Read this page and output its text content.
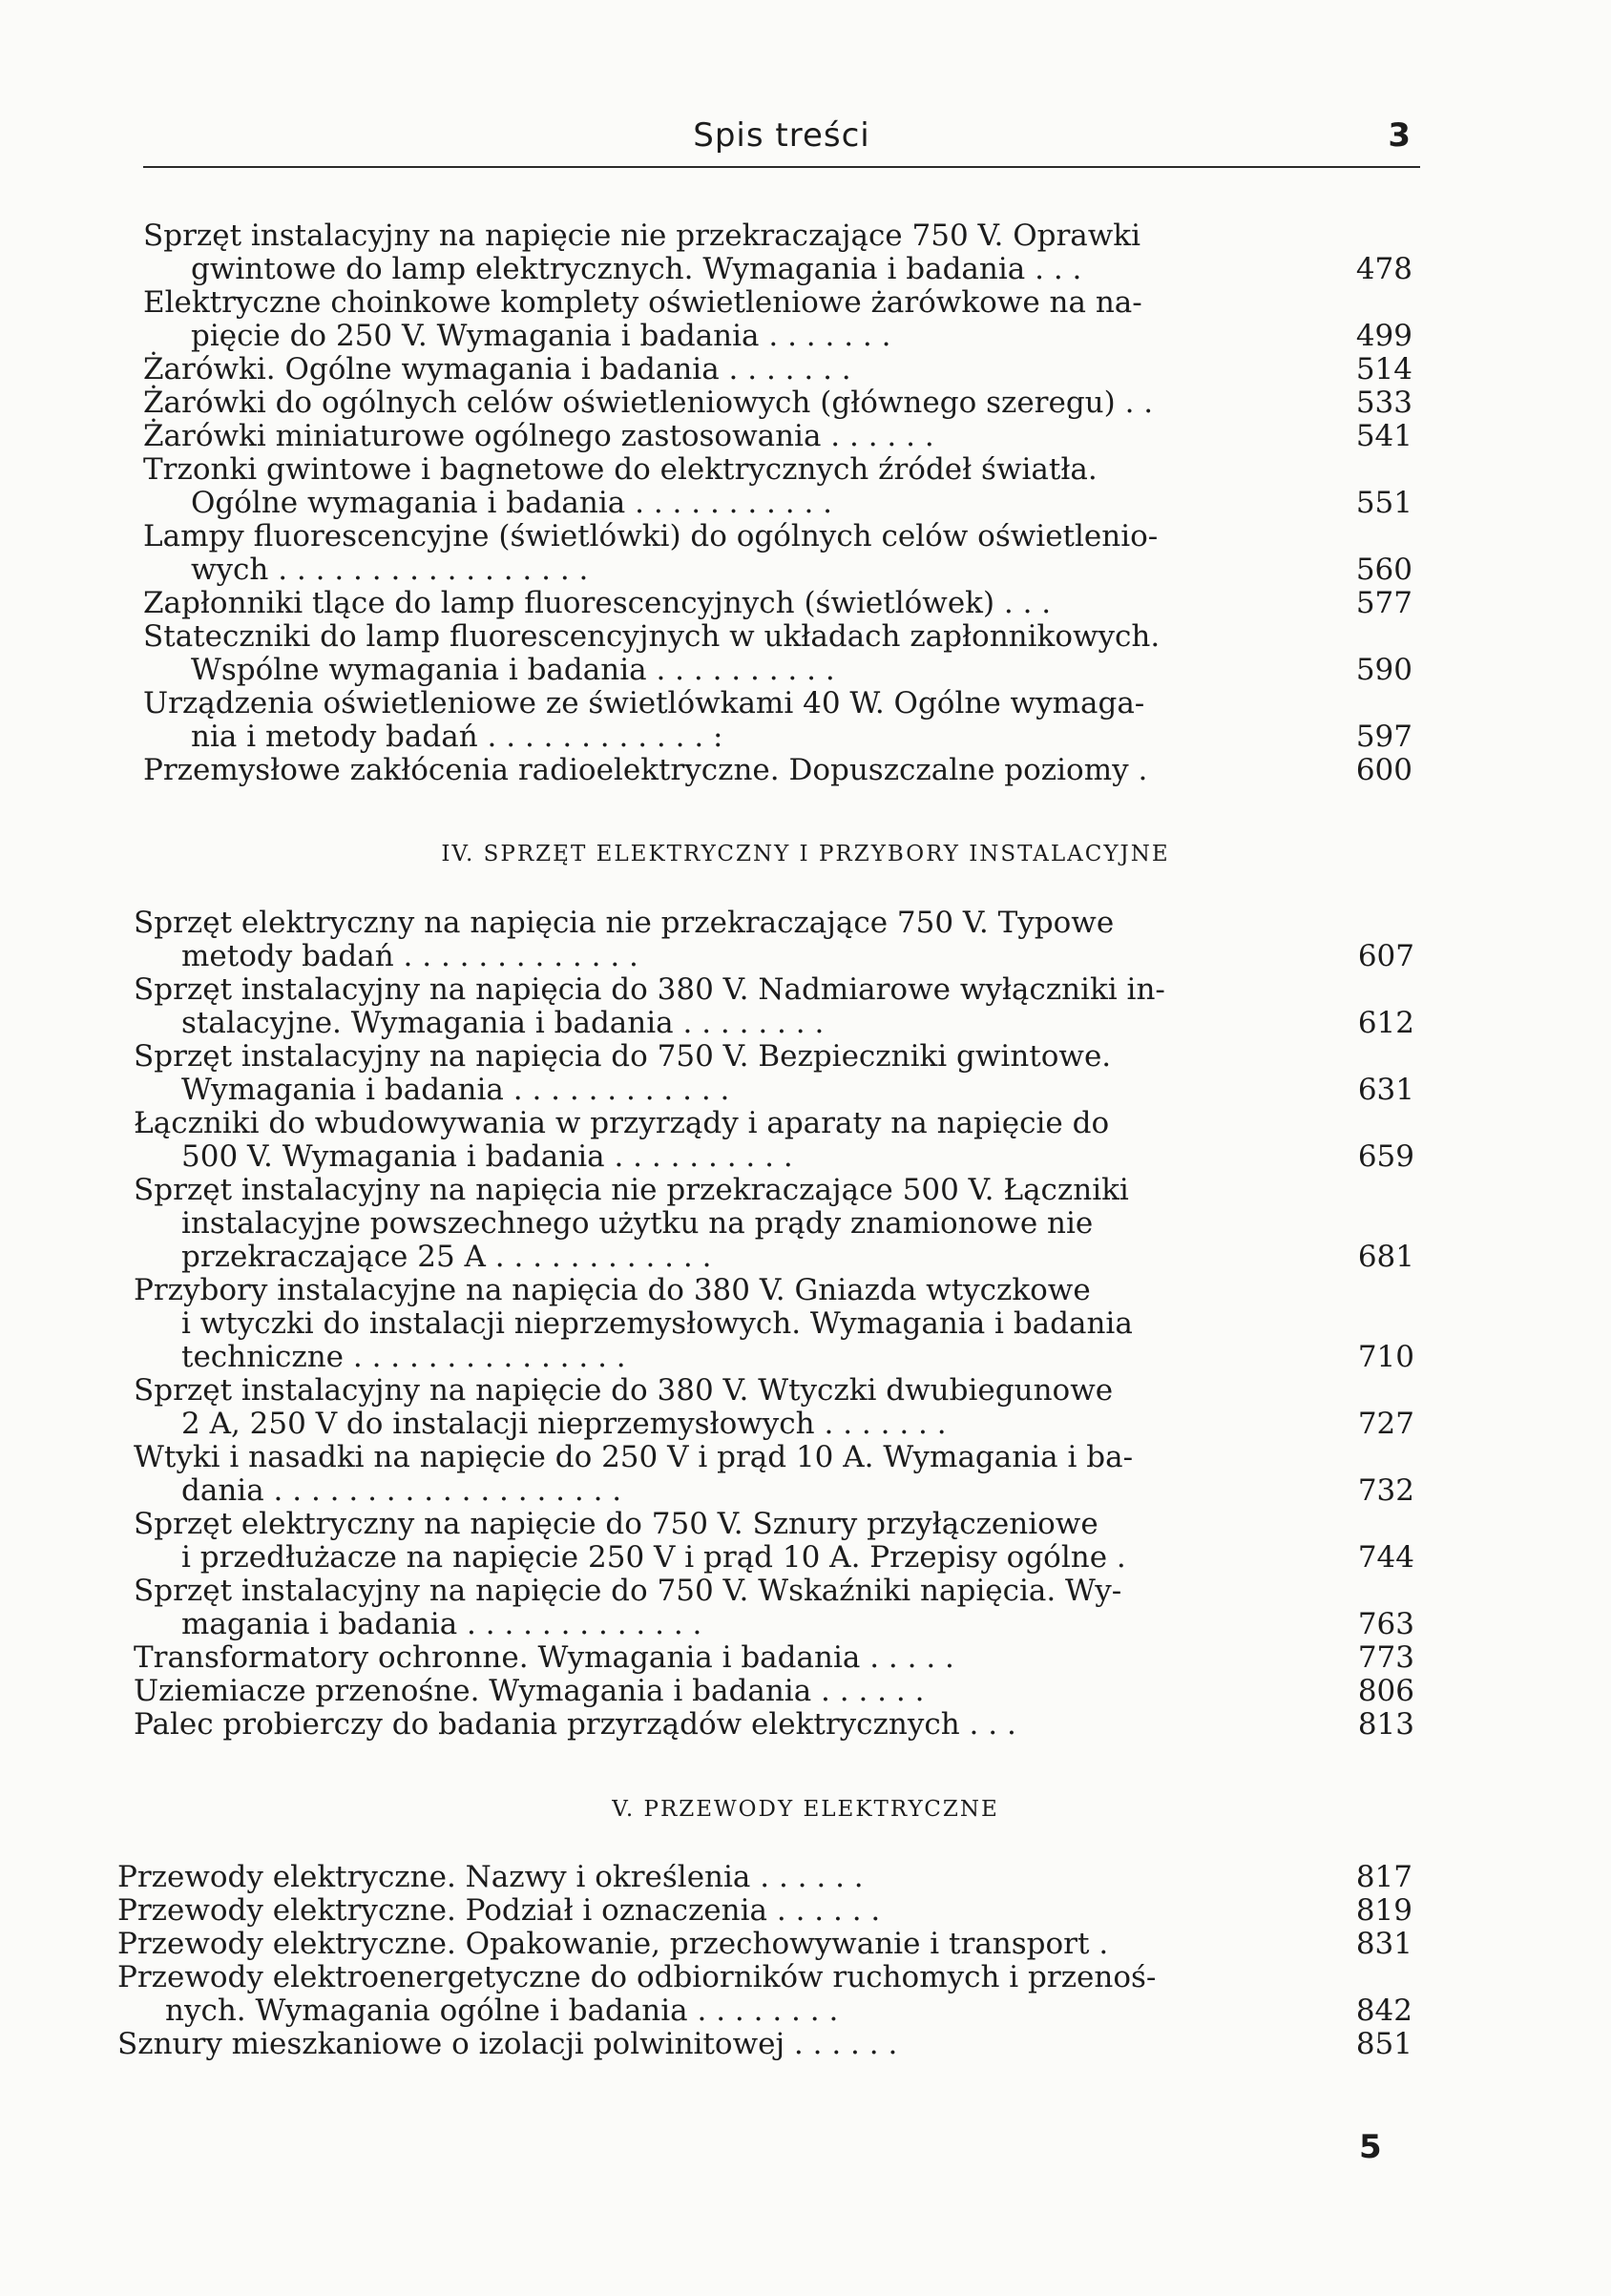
Spis treści	3
Sprzęt instalacyjny na napięcie nie przekraczające 750 V. Oprawki
gwintowe do lamp elektrycznych. Wymagania i badania . . .	478
Elektryczne choinkowe komplety oświetleniowe żarówkowe na na-
pięcie do 250 V. Wymagania i badania . . . . . . .	499
Żarówki. Ogólne wymagania i badania . . . . . . .	514
Żarówki do ogólnych celów oświetleniowych (głównego szeregu) . .	533
Żarówki miniaturowe ogólnego zastosowania . . . . . .	541
Trzonki gwintowe i bagnetowe do elektrycznych źródeł światła.
Ogólne wymagania i badania . . . . . . . . . . .	551
Lampy fluorescencyjne (świetlówki) do ogólnych celów oświetlenio-
wych . . . . . . . . . . . . . . . . .	560
Zapłonniki tlące do lamp fluorescencyjnych (świetlówek) . . .	577
Stateczniki do lamp fluorescencyjnych w układach zapłonnikowych.
Wspólne wymagania i badania . . . . . . . . . .	590
Urządzenia oświetleniowe ze świetlówkami 40 W. Ogólne wymaga-
nia i metody badań . . . . . . . . . . . . :	597
Przemysłowe zakłócenia radioelektryczne. Dopuszczalne poziomy .	600
IV. SPRZĘT ELEKTRYCZNY I PRZYBORY INSTALACYJNE
Sprzęt elektryczny na napięcia nie przekraczające 750 V. Typowe
metody badań . . . . . . . . . . . . .	607
Sprzęt instalacyjny na napięcia do 380 V. Nadmiarowe wyłączniki in-
stalacyjne. Wymagania i badania . . . . . . . .	612
Sprzęt instalacyjny na napięcia do 750 V. Bezpieczniki gwintowe.
Wymagania i badania . . . . . . . . . . . .	631
Łączniki do wbudowywania w przyrządy i aparaty na napięcie do
500 V. Wymagania i badania . . . . . . . . . .	659
Sprzęt instalacyjny na napięcia nie przekraczające 500 V. Łączniki
instalacyjne powszechnego użytku na prądy znamionowe nie
przekraczające 25 A . . . . . . . . . . . .	681
Przybory instalacyjne na napięcia do 380 V. Gniazda wtyczkowe
i wtyczki do instalacji nieprzemysłowych. Wymagania i badania
techniczne . . . . . . . . . . . . . . .	710
Sprzęt instalacyjny na napięcie do 380 V. Wtyczki dwubiegunowe
2 A, 250 V do instalacji nieprzemysłowych . . . . . . .	727
Wtyki i nasadki na napięcie do 250 V i prąd 10 A. Wymagania i ba-
dania . . . . . . . . . . . . . . . . . . .	732
Sprzęt elektryczny na napięcie do 750 V. Sznury przyłączeniowe
i przedłużacze na napięcie 250 V i prąd 10 A. Przepisy ogólne .	744
Sprzęt instalacyjny na napięcie do 750 V. Wskaźniki napięcia. Wy-
magania i badania . . . . . . . . . . . . .	763
Transformatory ochronne. Wymagania i badania . . . . .	773
Uziemiacze przenośne. Wymagania i badania . . . . . .	806
Palec probierczy do badania przyrządów elektrycznych . . .	813
V. PRZEWODY ELEKTRYCZNE
Przewody elektryczne. Nazwy i określenia . . . . . .	817
Przewody elektryczne. Podział i oznaczenia . . . . . .	819
Przewody elektryczne. Opakowanie, przechowywanie i transport .	831
Przewody elektroenergetyczne do odbiorników ruchomych i przenoś-
nych. Wymagania ogólne i badania . . . . . . . .	842
Sznury mieszkaniowe o izolacji polwinitowej . . . . . .	851
5
